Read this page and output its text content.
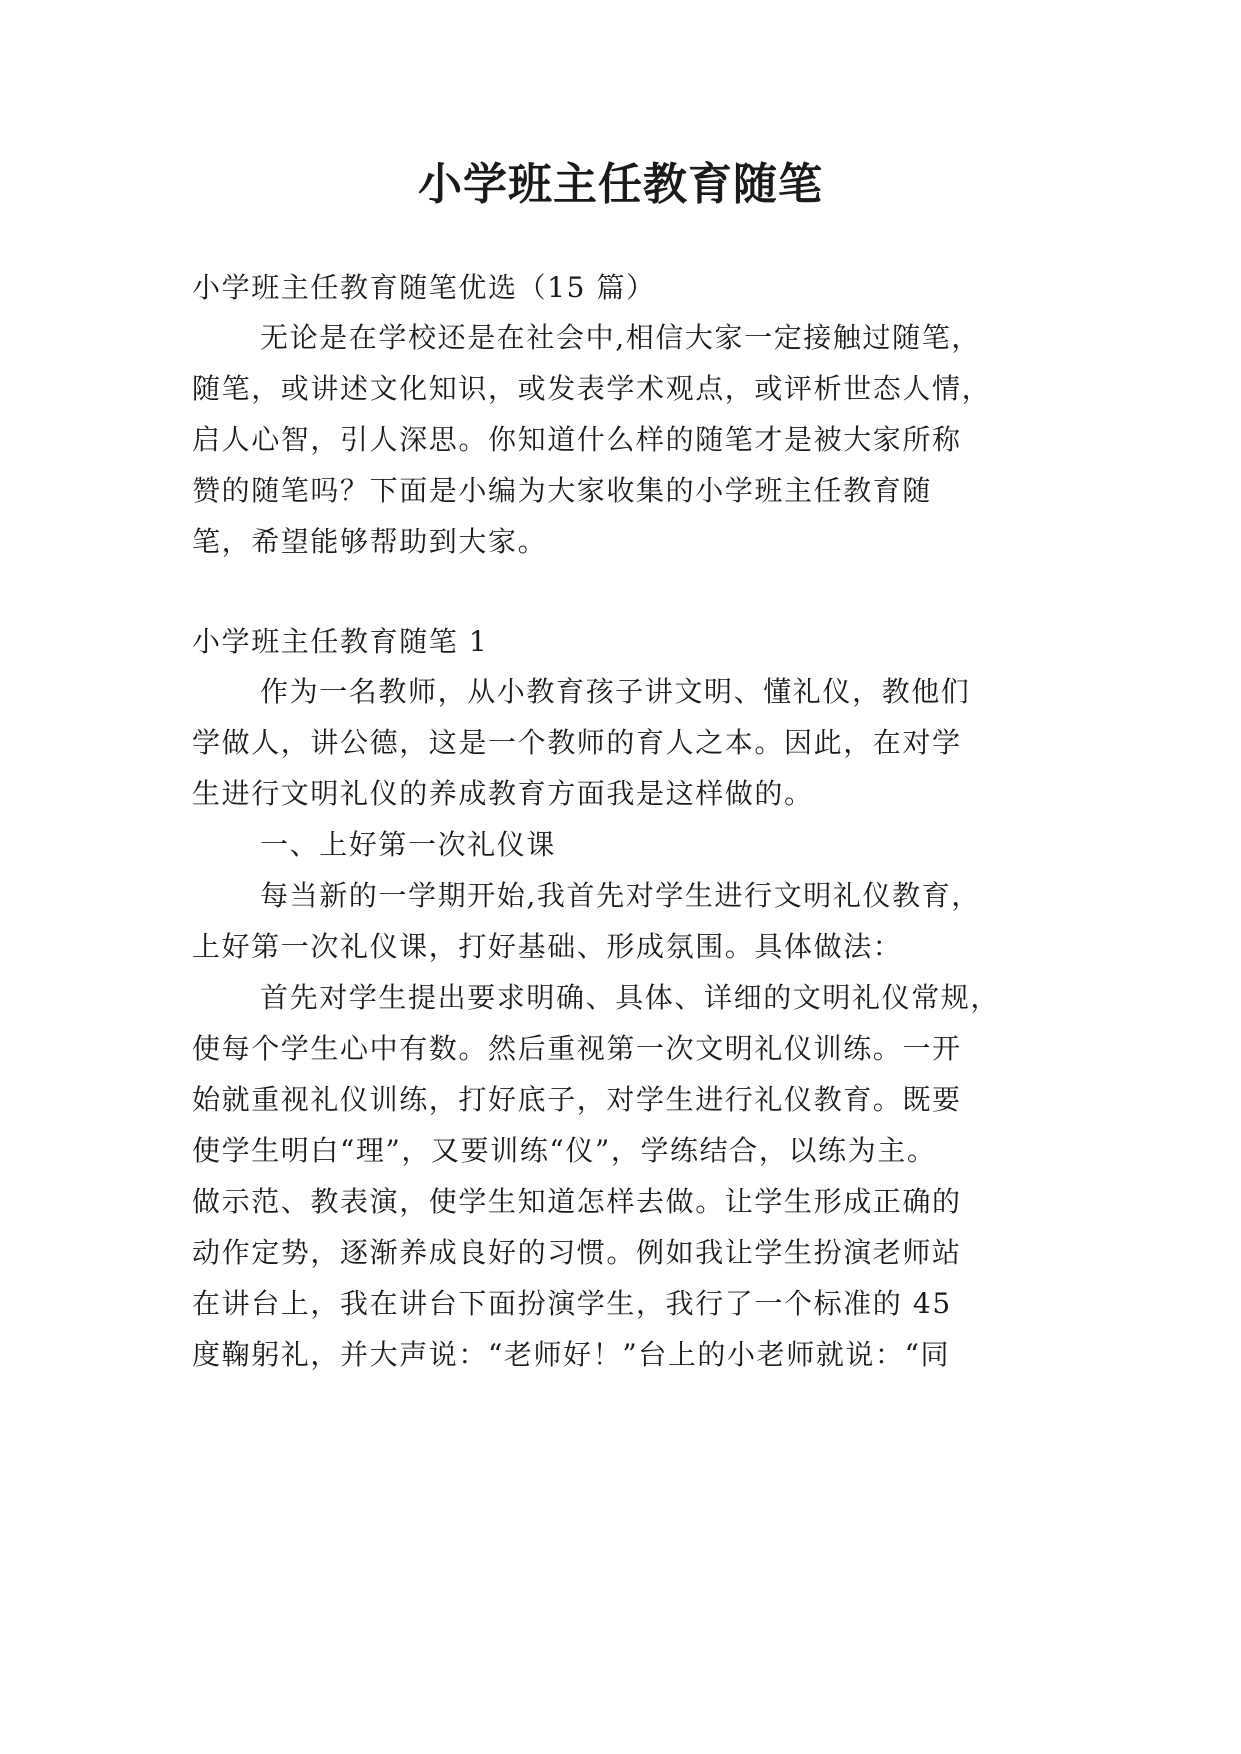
小学班主任教育随笔
小学班主任教育随笔优选（15 篇）
无论是在学校还是在社会中,相信大家一定接触过随笔，
随笔，或讲述文化知识，或发表学术观点，或评析世态人情，
启人心智，引人深思。你知道什么样的随笔才是被大家所称
赞的随笔吗？下面是小编为大家收集的小学班主任教育随
笔，希望能够帮助到大家。
小学班主任教育随笔 1
作为一名教师，从小教育孩子讲文明、懂礼仪，教他们
学做人，讲公德，这是一个教师的育人之本。因此，在对学
生进行文明礼仪的养成教育方面我是这样做的。
一、上好第一次礼仪课
每当新的一学期开始,我首先对学生进行文明礼仪教育，
上好第一次礼仪课，打好基础、形成氛围。具体做法：
首先对学生提出要求明确、具体、详细的文明礼仪常规，
使每个学生心中有数。然后重视第一次文明礼仪训练。一开
始就重视礼仪训练，打好底子，对学生进行礼仪教育。既要
使学生明白“理”，又要训练“仪”，学练结合，以练为主。
做示范、教表演，使学生知道怎样去做。让学生形成正确的
动作定势，逐渐养成良好的习惯。例如我让学生扮演老师站
在讲台上，我在讲台下面扮演学生，我行了一个标准的 45
度鞠躬礼，并大声说：“老师好！”台上的小老师就说：“同
